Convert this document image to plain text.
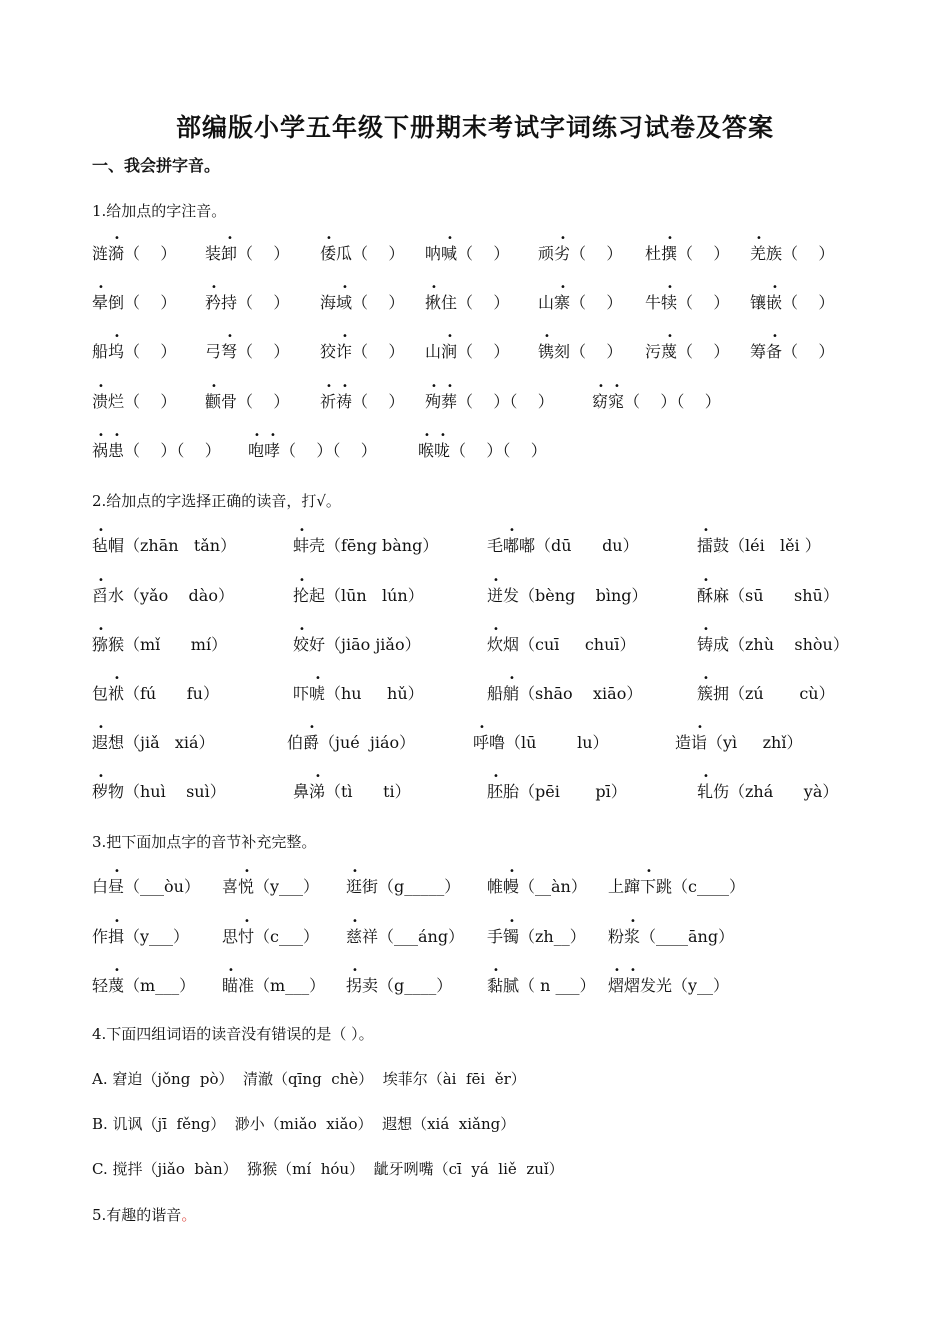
部编版小学五年级下册期末考试字词练习试卷及答案
一、我会拼字音。
1.给加点的字注音。
涟漪（    ）
•
装卸（    ）
•
倭瓜（    ）
•
呐喊（    ）
•
顽劣（    ）
•
杜撰（    ）
•
羌族（    ）
•
晕倒（    ）
•
矜持（    ）
•
海域（    ）
•
揪住（    ）
•
山寨（    ）
•
牛犊（    ）
•
镶嵌（    ）
•
船坞（    ）
•
弓弩（    ）
•
狡诈（    ）
•
山涧（    ）
•
镌刻（    ）
•
污蔑（    ）
•
筹备（    ）
•
溃烂（    ）
•
颧骨（    ）
•
祈祷（    ）
• •
殉葬（    ）（    ）
• •
窈窕（    ）（    ）
• •
祸患（    ）（    ）
• •
咆哮（    ）（    ）
• •
喉咙（    ）（    ）
• •
2.给加点的字选择正确的读音，打√。
毡帽（zhān   tǎn）
•
蚌壳（fēng bàng）
•
毛嘟嘟（dū      du）
•
擂鼓（léi   lěi ）
•
舀水（yǎo    dào）
•
抡起（lūn   lún）
•
迸发（bèng    bìng）
•
酥麻（sū      shū）
•
猕猴（mǐ      mí）
•
姣好（jiāo jiǎo）
•
炊烟（cuī     chuī）
•
铸成（zhù    shòu）
•
包袱（fú      fu）
•
吓唬（hu     hǔ）
•
船艄（shāo    xiāo）
•
簇拥（zú       cù）
•
遐想（jiǎ   xiá）
•
伯爵（jué  jiáo）
•
呼噜（lū        lu）
•
造诣（yì     zhǐ）
•
秽物（huì    suì）
•
鼻涕（tì      ti）
•
胚胎（pēi       pī）
•
轧伤（zhá      yà）
•
3.把下面加点字的音节补充完整。
白昼（___òu）
•
喜悦（y___）
•
逛街（g_____）
•
帷幔（__àn）
•
上蹿下跳（c____）
•
作揖（y___）
•
思忖（c___）
•
慈祥（___áng）
•
手镯（zh__）
•
粉浆（____āng）
•
轻蔑（m___）
•
瞄准（m___）
•
拐卖（g____）
•
黏腻（ n ___）
•
熠熠发光（y__）
• •
4.下面四组词语的读音没有错误的是（ ）。
A. 窘迫（jǒng  pò）  清澈（qīng  chè）  埃菲尔（ài  fēi  ěr）
B. 讥讽（jī  fěng）  渺小（miǎo  xiǎo）  遐想（xiá  xiǎng）
C. 搅拌（jiǎo  bàn）  猕猴（mí  hóu）  龇牙咧嘴（cī  yá  liě  zuǐ）
5.有趣的谐音。
